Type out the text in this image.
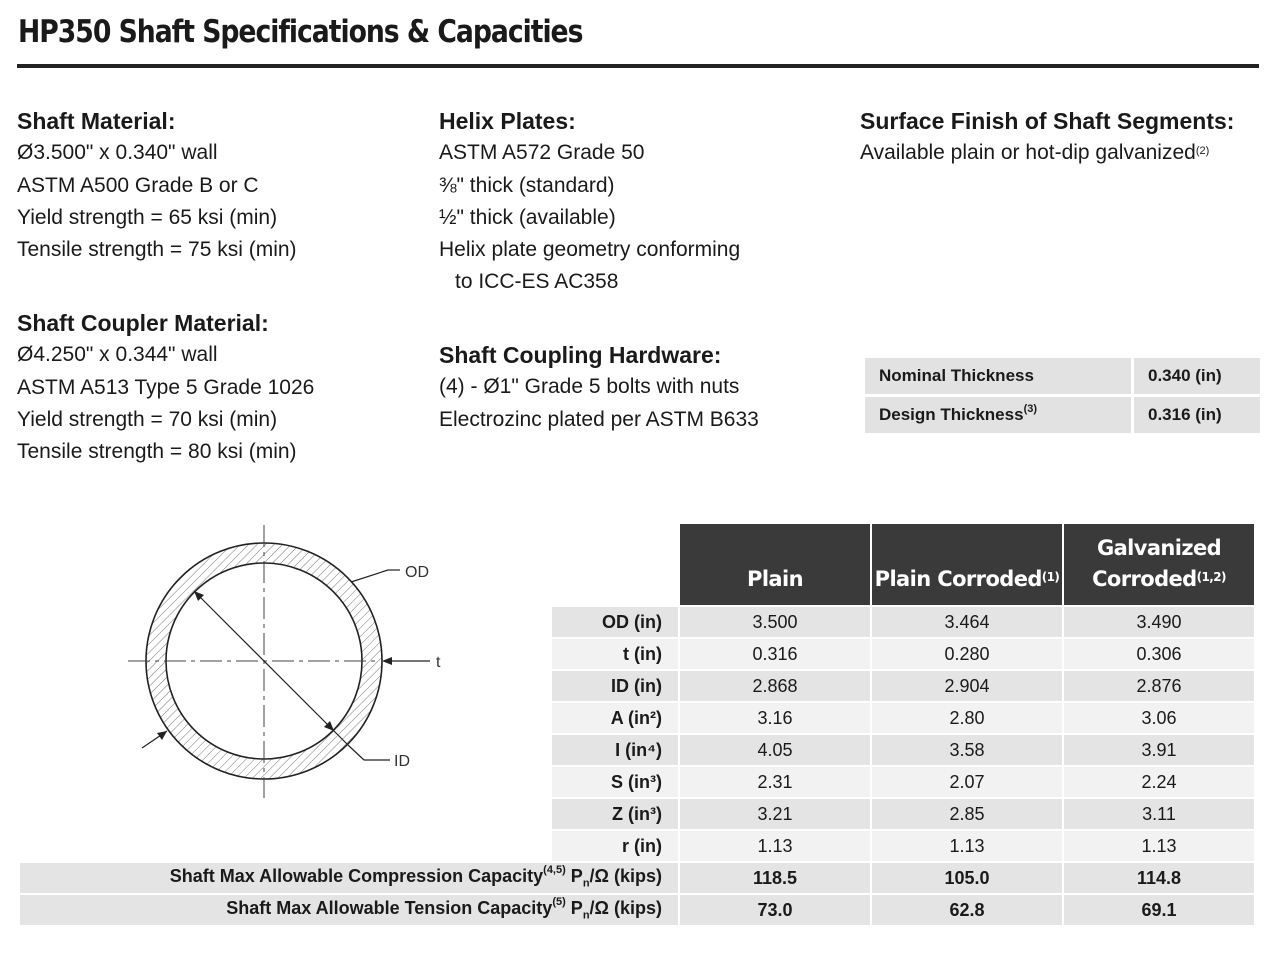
HP350 Shaft Specifications & Capacities
Shaft Material:
Ø3.500" x 0.340" wall
ASTM A500 Grade B or C
Yield strength = 65 ksi (min)
Tensile strength = 75 ksi (min)
Shaft Coupler Material:
Ø4.250" x 0.344" wall
ASTM A513 Type 5 Grade 1026
Yield strength = 70 ksi (min)
Tensile strength = 80 ksi (min)
Helix Plates:
ASTM A572 Grade 50
⅜" thick (standard)
½" thick (available)
Helix plate geometry conforming
to ICC-ES AC358
Shaft Coupling Hardware:
(4) - Ø1" Grade 5 bolts with nuts
Electrozinc plated per ASTM B633
Surface Finish of Shaft Segments:
Available plain or hot-dip galvanized$^{(2)}$
Nominal Thickness	0.340 (in)
Design Thickness$^{(3)}$	0.316 (in)
OD
ID
t
	Plain	Plain Corroded$^{(1)}$	Galvanized
Corroded$^{(1,2)}$

OD (in)	3.500	3.464	3.490

t (in)	0.316	0.280	0.306

ID (in)	2.868	2.904	2.876

A (in²)	3.16	2.80	3.06

I (in⁴)	4.05	3.58	3.91

S (in³)	2.31	2.07	2.24

Z (in³)	3.21	2.85	3.11

r (in)	1.13	1.13	1.13
Shaft Max Allowable Compression Capacity$^{(4,5)}$ $P_n/\Omega$ (kips)	118.5	105.0	114.8
Shaft Max Allowable Tension Capacity$^{(5)}$ $P_n/\Omega$ (kips)	73.0	62.8	69.1
